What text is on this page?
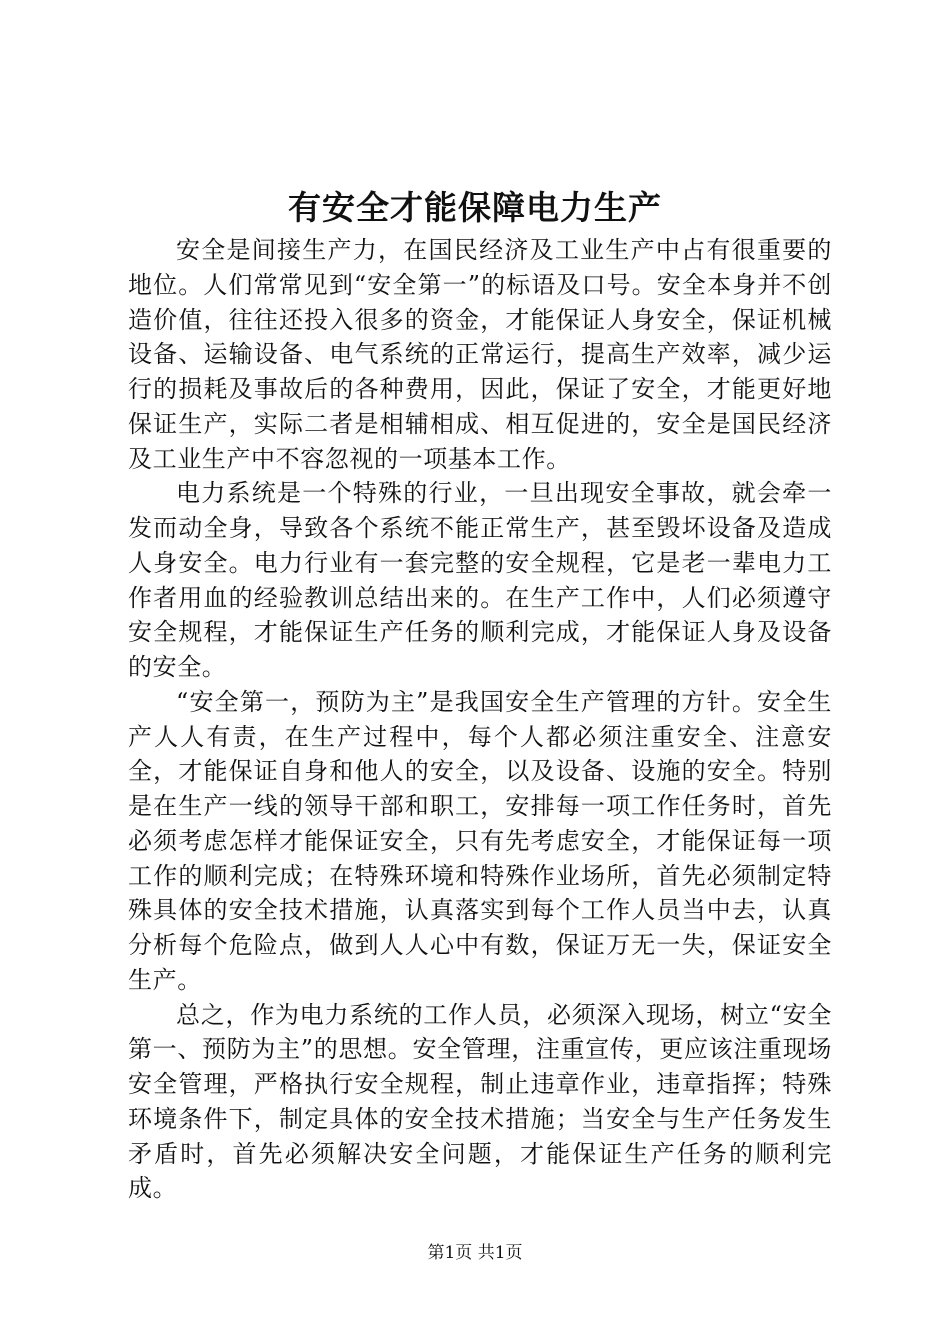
有安全才能保障电力生产

安全是间接生产力，在国民经济及工业生产中占有很重要的地位。人们常常见到“安全第一”的标语及口号。安全本身并不创造价值，往往还投入很多的资金，才能保证人身安全，保证机械设备、运输设备、电气系统的正常运行，提高生产效率，减少运行的损耗及事故后的各种费用，因此，保证了安全，才能更好地保证生产，实际二者是相辅相成、相互促进的，安全是国民经济及工业生产中不容忽视的一项基本工作。

电力系统是一个特殊的行业，一旦出现安全事故，就会牵一发而动全身，导致各个系统不能正常生产，甚至毁坏设备及造成人身安全。电力行业有一套完整的安全规程，它是老一辈电力工作者用血的经验教训总结出来的。在生产工作中，人们必须遵守安全规程，才能保证生产任务的顺利完成，才能保证人身及设备的安全。

“安全第一，预防为主”是我国安全生产管理的方针。安全生产人人有责，在生产过程中，每个人都必须注重安全、注意安全，才能保证自身和他人的安全，以及设备、设施的安全。特别是在生产一线的领导干部和职工，安排每一项工作任务时，首先必须考虑怎样才能保证安全，只有先考虑安全，才能保证每一项工作的顺利完成；在特殊环境和特殊作业场所，首先必须制定特殊具体的安全技术措施，认真落实到每个工作人员当中去，认真分析每个危险点，做到人人心中有数，保证万无一失，保证安全生产。

总之，作为电力系统的工作人员，必须深入现场，树立“安全第一、预防为主”的思想。安全管理，注重宣传，更应该注重现场安全管理，严格执行安全规程，制止违章作业，违章指挥；特殊环境条件下，制定具体的安全技术措施；当安全与生产任务发生矛盾时，首先必须解决安全问题，才能保证生产任务的顺利完成。

第1页 共1页
